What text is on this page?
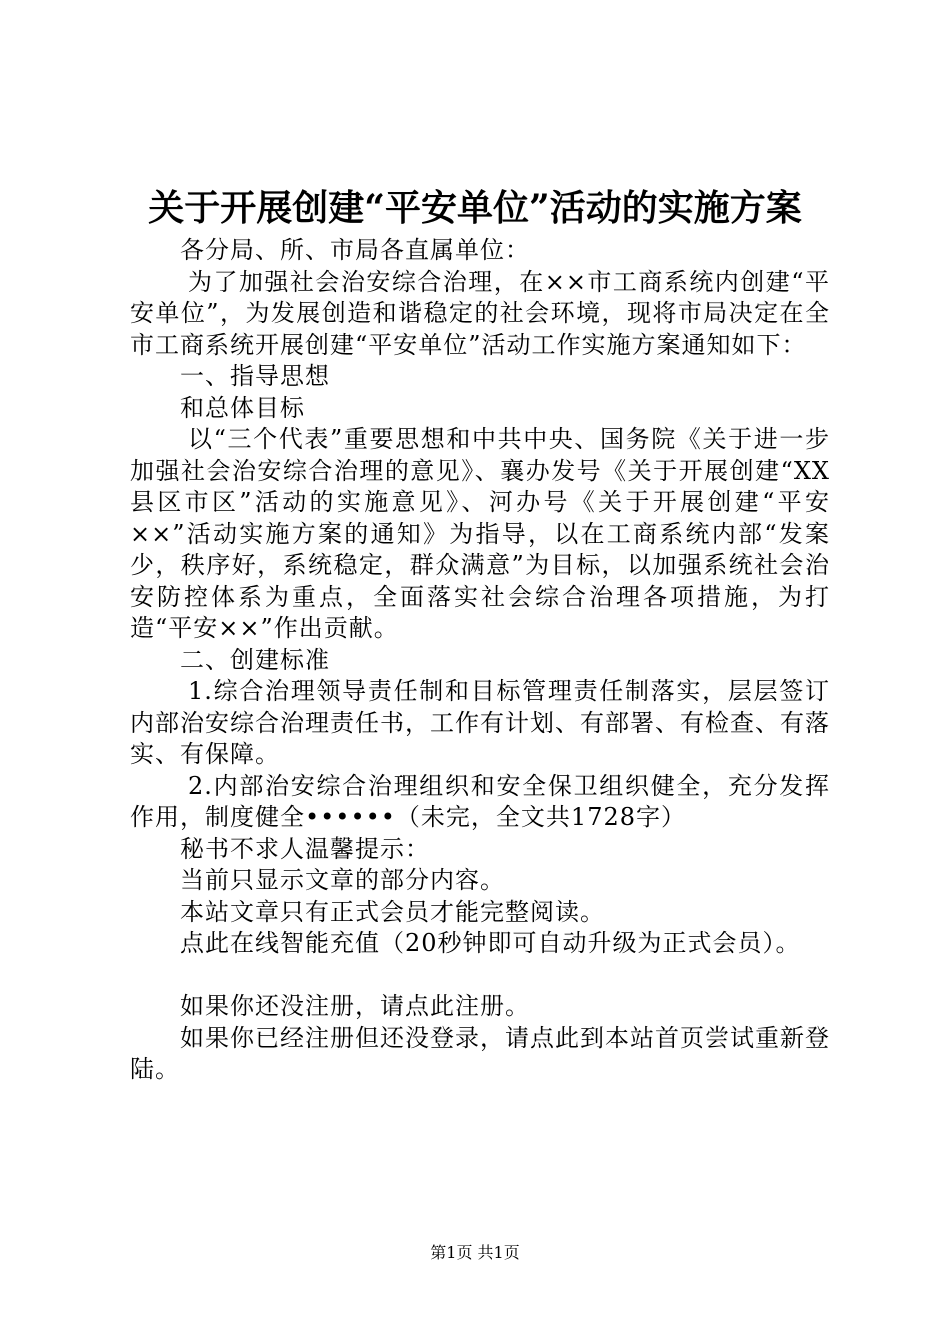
关于开展创建“平安单位”活动的实施方案

各分局、所、市局各直属单位：

为了加强社会治安综合治理，在××市工商系统内创建“平安单位”，为发展创造和谐稳定的社会环境，现将市局决定在全市工商系统开展创建“平安单位”活动工作实施方案通知如下：

一、指导思想

和总体目标

以“三个代表”重要思想和中共中央、国务院《关于进一步加强社会治安综合治理的意见》、襄办发号《关于开展创建“XX县区市区”活动的实施意见》、河办号《关于开展创建“平安××”活动实施方案的通知》为指导，以在工商系统内部“发案少，秩序好，系统稳定，群众满意”为目标，以加强系统社会治安防控体系为重点，全面落实社会综合治理各项措施，为打造“平安××”作出贡献。

二、创建标准

1.综合治理领导责任制和目标管理责任制落实，层层签订内部治安综合治理责任书，工作有计划、有部署、有检查、有落实、有保障。

2.内部治安综合治理组织和安全保卫组织健全，充分发挥作用，制度健全••••••（未完，全文共1728字）

秘书不求人温馨提示：

当前只显示文章的部分内容。

本站文章只有正式会员才能完整阅读。

点此在线智能充值（20秒钟即可自动升级为正式会员）。

如果你还没注册，请点此注册。

如果你已经注册但还没登录，请点此到本站首页尝试重新登陆。

第1页 共1页
